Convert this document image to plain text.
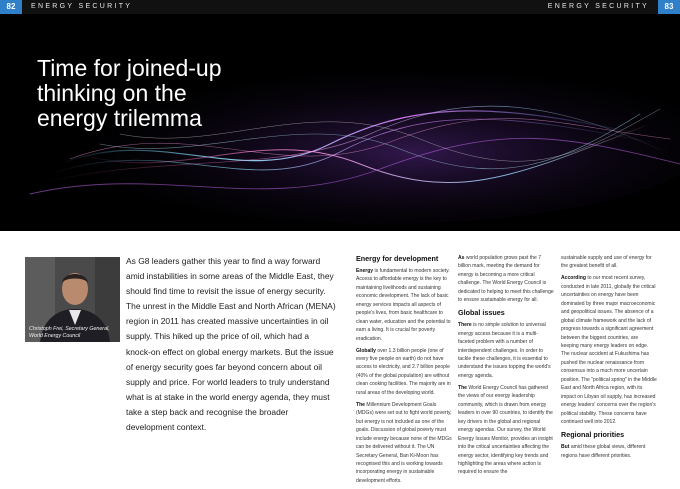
82	ENERGY SECURITY	ENERGY SECURITY	83
Time for joined-up
thinking on the
energy trilemma
Christoph Frei, Secretary General,
World Energy Council

As G8 leaders gather this year to find a way forward amid instabilities in some areas of the Middle East, they should find time to revisit the issue of energy security. The unrest in the Middle East and North African (MENA) region in 2011 has created massive uncertainties in oil supply. This hiked up the price of oil, which had a knock-on effect on global energy markets. But the issue of energy security goes far beyond concern about oil supply and price. For world leaders to truly understand what is at stake in the world energy agenda, they must take a step back and recognise the broader development context.

Energy for development

Energy is fundamental to modern society. Access to affordable energy is the key to maintaining livelihoods and sustaining economic development. The lack of basic energy services impacts all aspects of people's lives, from basic healthcare to clean water, education and the potential to earn a living. It is crucial for poverty eradication.

Globally over 1.3 billion people (one of every five people on earth) do not have access to electricity, and 2.7 billion people (40% of the global population) are without clean cooking facilities. The majority are in rural areas of the developing world.

The Millennium Development Goals (MDGs) were set out to fight world poverty, but energy is not included as one of the goals. Discussion of global poverty must include energy because none of the MDGs can be delivered without it. The UN Secretary General, Ban Ki-Moon has recognised this and is working towards incorporating energy in sustainable development efforts.

As world population grows past the 7 billion mark, meeting the demand for energy is becoming a more critical challenge. The World Energy Council is dedicated to helping to meet this challenge to ensure sustainable energy for all.

Global issues

There is no simple solution to universal energy access because it is a multi-faceted problem with a number of interdependent challenges. In order to tackle these challenges, it is essential to understand the issues topping the world's energy agenda.

The World Energy Council has gathered the views of our energy leadership community, which is drawn from energy leaders in over 90 countries, to identify the key drivers in the global and regional energy agendas. Our survey, the World Energy Issues Monitor, provides an insight into the critical uncertainties affecting the energy sector, identifying key trends and highlighting the areas where action is required to ensure the

sustainable supply and use of energy for the greatest benefit of all.

According to our most recent survey, conducted in late 2011, globally the critical uncertainties on energy have been dominated by three major macroeconomic and geopolitical issues. The absence of a global climate framework and the lack of progress towards a significant agreement between the biggest countries, are keeping many energy leaders on edge. The nuclear accident at Fukushima has pushed the nuclear renaissance from consensus into a much more uncertain position. The "political spring" in the Middle East and North Africa region, with its impact on Libyan oil supply, has increased energy leaders' concerns over the region's political stability. These concerns have continued well into 2012.

Regional priorities

But amid these global views, different regions have different priorities.
